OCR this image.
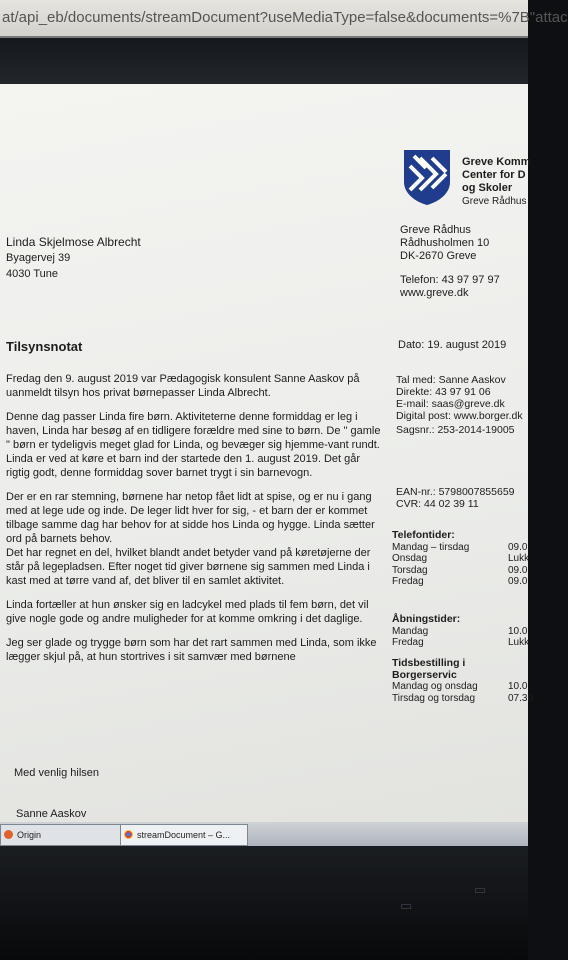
at/api_eb/documents/streamDocument?useMediaType=false&documents=%7B"attac
Greve Komm
Center for D
og Skoler
Greve Rådhus
Linda Skjelmose Albrecht
Byagervej 39
4030 Tune
Greve Rådhus
Rådhusholmen 10
DK-2670 Greve
Telefon: 43 97 97 97
www.greve.dk
Tilsynsnotat	Dato: 19. august 2019

Fredag den 9. august 2019 var Pædagogisk konsulent Sanne Aaskov på uanmeldt tilsyn hos privat børnepasser Linda Albrecht.

Denne dag passer Linda fire børn. Aktiviteterne denne formiddag er leg i haven, Linda har besøg af en tidligere forældre med sine to børn. De " gamle " børn er tydeligvis meget glad for Linda, og bevæger sig hjemme-vant rundt.

Linda er ved at køre et barn ind der startede den 1. august 2019. Det går rigtig godt, denne formiddag sover barnet trygt i sin barnevogn.

Der er en rar stemning, børnene har netop fået lidt at spise, og er nu i gang med at lege ude og inde. De leger lidt hver for sig, - et barn der er kommet tilbage samme dag har behov for at sidde hos Linda og hygge. Linda sætter ord på barnets behov.

Det har regnet en del, hvilket blandt andet betyder vand på køretøjerne der står på legepladsen. Efter noget tid giver børnene sig sammen med Linda i kast med at tørre vand af, det bliver til en samlet aktivitet.

Linda fortæller at hun ønsker sig en ladcykel med plads til fem børn, det vil give nogle gode og andre muligheder for at komme omkring i det daglige.

Jeg ser glade og trygge børn som har det rart sammen med Linda, som ikke lægger skjul på, at hun stortrives i sit samvær med børnene

Tal med: Sanne Aaskov
Direkte: 43 97 91 06
E-mail: saas@greve.dk
Digital post: www.borger.dk
Sagsnr.: 253-2014-19005
EAN-nr.: 5798007855659
CVR: 44 02 39 11
Telefontider:
Mandag – tirsdag	09.0
Onsdag	Lukk
Torsdag	09.0
Fredag	09.0
Åbningstider:
Mandag	10.0
Fredag	Lukk
Tidsbestilling i Borgerservic
Mandag og onsdag	10.0
Tirsdag og torsdag	07.30
Med venlig hilsen
Sanne Aaskov
Origin	streamDocument – G...
▭
▭
